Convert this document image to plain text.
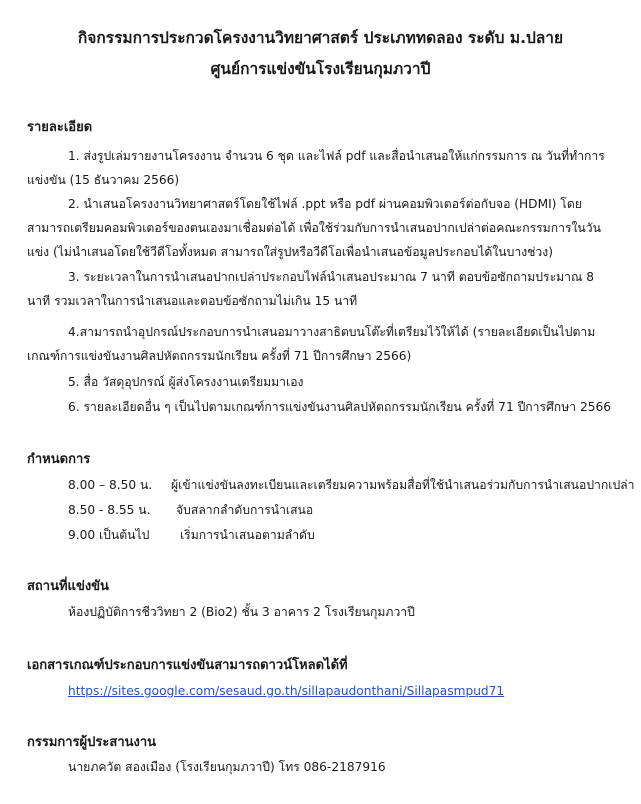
กิจกรรมการประกวดโครงงานวิทยาศาสตร์ ประเภททดลอง ระดับ ม.ปลาย
ศูนย์การแข่งขันโรงเรียนกุมภวาปี
รายละเอียด
1. ส่งรูปเล่มรายงานโครงงาน จำนวน 6 ชุด และไฟล์ pdf และสื่อนำเสนอให้แก่กรรมการ ณ วันที่ทำการแข่งขัน (15 ธันวาคม 2566)
2. นำเสนอโครงงานวิทยาศาสตร์โดยใช้ไฟล์ .ppt หรือ pdf ผ่านคอมพิวเตอร์ต่อกับจอ (HDMI) โดยสามารถเตรียมคอมพิวเตอร์ของตนเองมาเชื่อมต่อได้ เพื่อใช้ร่วมกับการนำเสนอปากเปล่าต่อคณะกรรมการในวันแข่ง (ไม่นำเสนอโดยใช้วีดีโอทั้งหมด สามารถใส่รูปหรือวีดีโอเพื่อนำเสนอข้อมูลประกอบได้ในบางช่วง)
3. ระยะเวลาในการนำเสนอปากเปล่าประกอบไฟล์นำเสนอประมาณ 7 นาที ตอบข้อซักถามประมาณ 8 นาที รวมเวลาในการนำเสนอและตอบข้อซักถามไม่เกิน 15 นาที
4.สามารถนำอุปกรณ์ประกอบการนำเสนอมาวางสาธิตบนโต๊ะที่เตรียมไว้ให้ได้ (รายละเอียดเป็นไปตามเกณฑ์การแข่งขันงานศิลปหัตถกรรมนักเรียน ครั้งที่ 71 ปีการศึกษา 2566)
5. สื่อ วัสดุอุปกรณ์ ผู้ส่งโครงงานเตรียมมาเอง
6. รายละเอียดอื่น ๆ เป็นไปตามเกณฑ์การแข่งขันงานศิลปหัตถกรรมนักเรียน ครั้งที่ 71 ปีการศึกษา 2566
กำหนดการ
8.00 – 8.50 น. ผู้เข้าแข่งขันลงทะเบียนและเตรียมความพร้อมสื่อที่ใช้นำเสนอร่วมกับการนำเสนอปากเปล่า
8.50 - 8.55 น. จับสลากลำดับการนำเสนอ
9.00 เป็นต้นไป	เริ่มการนำเสนอตามลำดับ
สถานที่แข่งขัน
ห้องปฏิบัติการชีววิทยา 2 (Bio2) ชั้น 3 อาคาร 2 โรงเรียนกุมภวาปี
เอกสารเกณฑ์ประกอบการแข่งขันสามารถดาวน์โหลดได้ที่
https://sites.google.com/sesaud.go.th/sillapaudonthani/Sillapasmpud71
กรรมการผู้ประสานงาน
นายภควัต สองเมือง (โรงเรียนกุมภวาปี) โทร 086-2187916
